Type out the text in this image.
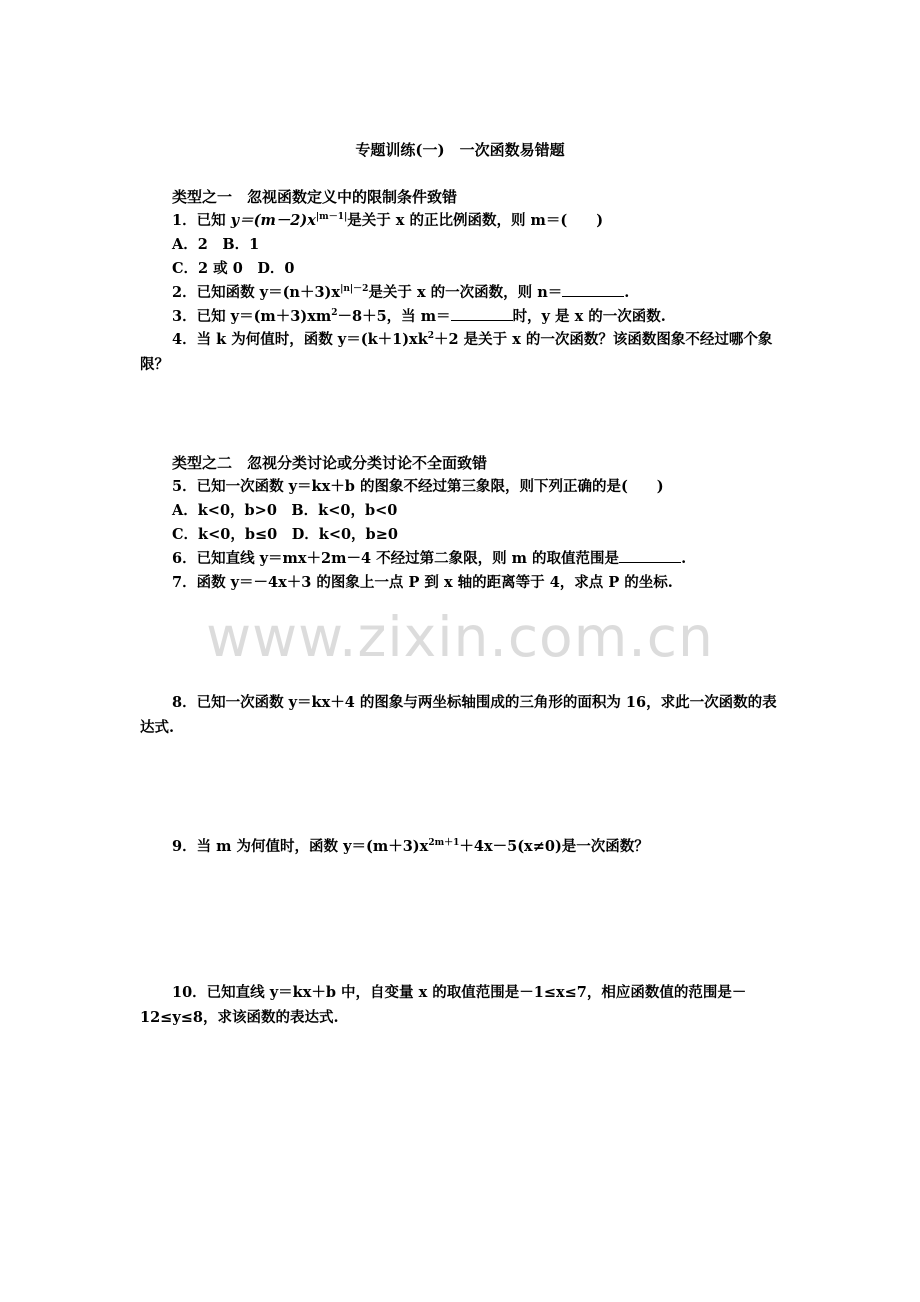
www.zixin.com.cn
专题训练(一)　一次函数易错题
类型之一　忽视函数定义中的限制条件致错
1．已知 $y=(m-2)x^{|m-1|}$是关于 x 的正比例函数，则 m＝(　　)
A．2　B．1
C．2 或 0　D．0
2．已知函数 $y=(n+3)x^{|n|-2}$是关于 x 的一次函数，则 n＝	.
3．已知 $y=(m+3)xm^2-8+5$，当 m＝	时，y 是 x 的一次函数.
4．当 k 为何值时，函数 $y=(k+1)xk^2+2$ 是关于 x 的一次函数？该函数图象不经过哪个象限？
类型之二　忽视分类讨论或分类讨论不全面致错
5．已知一次函数 y＝kx＋b 的图象不经过第三象限，则下列正确的是(　　)
A．k<0，b>0　B．k<0，b<0
C．k<0，b≤0　D．k<0，b≥0
6．已知直线 y＝mx＋2m－4 不经过第二象限，则 m 的取值范围是	.
7．函数 y＝－4x＋3 的图象上一点 P 到 x 轴的距离等于 4，求点 P 的坐标.
8．已知一次函数 y＝kx＋4 的图象与两坐标轴围成的三角形的面积为 16，求此一次函数的表达式.
9．当 m 为何值时，函数 $y=(m+3)x^{2m+1}+4x-5(x\ne 0)$是一次函数？
10．已知直线 y＝kx＋b 中，自变量 x 的取值范围是－1≤x≤7，相应函数值的范围是－12≤y≤8，求该函数的表达式.
